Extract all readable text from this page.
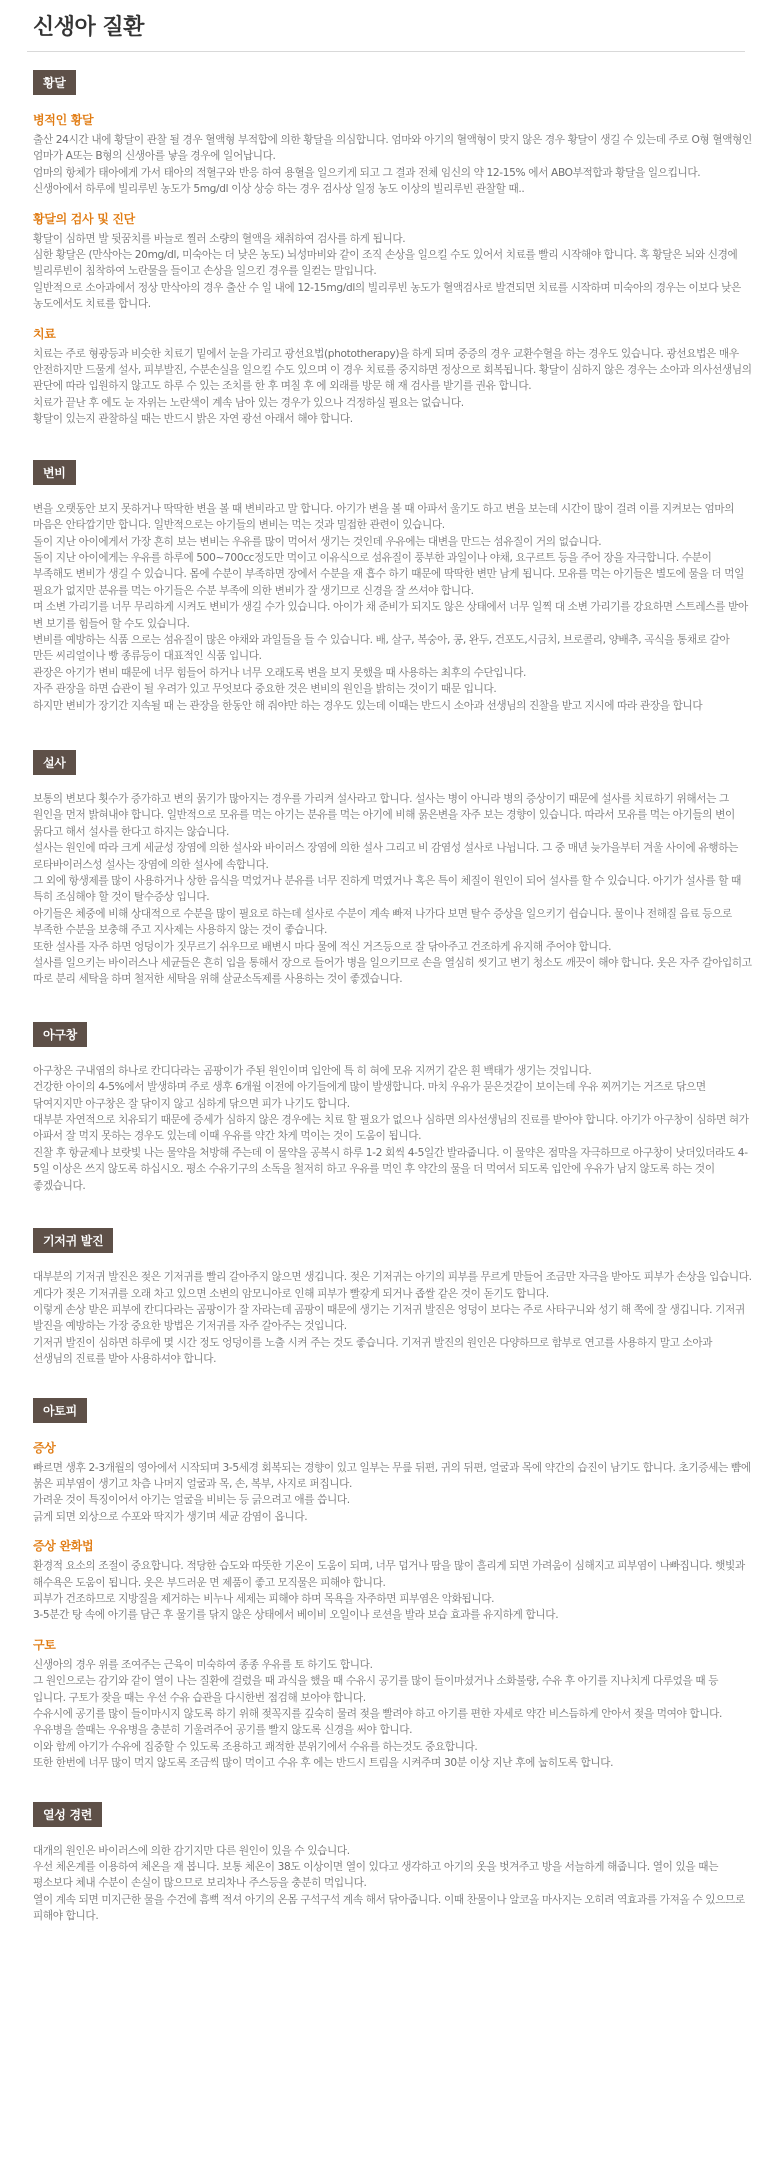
신생아 질환
황달
병적인 황달

출산 24시간 내에 황달이 관찰 될 경우 혈액형 부적합에 의한 황달을 의심합니다. 엄마와 아기의 혈액형이 맞지 않은 경우 황달이 생길 수 있는데 주로 O형 혈액형인 엄마가 A또는 B형의 신생아를 낳을 경우에 일어납니다.

엄마의 항체가 태아에게 가서 태아의 적혈구와 반응 하여 용혈을 일으키게 되고 그 결과 전체 임신의 약 12-15% 에서 ABO부적합과 황달을 일으킵니다.

신생아에서 하루에 빌리루빈 농도가 5mg/dl 이상 상승 하는 경우 검사상 일정 농도 이상의 빌리루빈 관찰할 때..

황달의 검사 및 진단

황달이 심하면 발 뒷꿈치를 바늘로 찔러 소량의 혈액을 채취하여 검사를 하게 됩니다.

심한 황달은 (만삭아는 20mg/dl, 미숙아는 더 낮은 농도) 뇌성마비와 같이 조직 손상을 일으킬 수도 있어서 치료를 빨리 시작해야 합니다. 혹 황달은 뇌와 신경에 빌리루빈이 침착하여 노란물을 들이고 손상을 일으킨 경우를 일컫는 말입니다.

일반적으로 소아과에서 정상 만삭아의 경우 출산 수 일 내에 12-15mg/dl의 빌리루빈 농도가 혈액검사로 발견되면 치료를 시작하며 미숙아의 경우는 이보다 낮은 농도에서도 치료를 합니다.

치료

치료는 주로 형광등과 비슷한 치료기 밑에서 눈을 가리고 광선요법(phototherapy)을 하게 되며 중증의 경우 교환수혈을 하는 경우도 있습니다. 광선요법은 매우 안전하지만 드물게 설사, 피부발진, 수분손실을 일으킬 수도 있으며 이 경우 치료를 중지하면 정상으로 회복됩니다. 황달이 심하지 않은 경우는 소아과 의사선생님의 판단에 따라 입원하지 않고도 하루 수 있는 조치를 한 후 며칠 후 에 외래를 방문 해 재 검사를 받기를 권유 합니다.

치료가 끝난 후 에도 눈 자위는 노란색이 계속 남아 있는 경우가 있으나 걱정하실 필요는 없습니다.

황달이 있는지 관찰하실 때는 반드시 밝은 자연 광선 아래서 해야 합니다.

변비

변을 오랫동안 보지 못하거나 딱딱한 변을 볼 때 변비라고 말 합니다. 아기가 변을 볼 때 아파서 울기도 하고 변을 보는데 시간이 많이 걸려 이를 지켜보는 엄마의 마음은 안타깝기만 합니다. 일반적으로는 아기들의 변비는 먹는 것과 밀접한 관련이 있습니다.

돌이 지난 아이에게서 가장 흔히 보는 변비는 우유를 많이 먹어서 생기는 것인데 우유에는 대변을 만드는 섬유질이 거의 없습니다.

돌이 지난 아이에게는 우유를 하루에 500~700cc정도만 먹이고 이유식으로 섬유질이 풍부한 과일이나 야채, 요구르트 등을 주어 장을 자극합니다. 수분이 부족해도 변비가 생길 수 있습니다. 몸에 수분이 부족하면 장에서 수분을 재 흡수 하기 때문에 딱딱한 변만 남게 됩니다. 모유를 먹는 아기들은 별도에 물을 더 먹일 필요가 없지만 분유를 먹는 아기들은 수분 부족에 의한 변비가 잘 생기므로 신경을 잘 쓰셔야 합니다.

며 소변 가리기를 너무 무리하게 시켜도 변비가 생길 수가 있습니다. 아이가 채 준비가 되지도 않은 상태에서 너무 일찍 대 소변 가리기를 강요하면 스트레스를 받아 변 보기를 힘들어 할 수도 있습니다.

변비를 예방하는 식품 으로는 섬유질이 많은 야채와 과일들을 들 수 있습니다. 배, 살구, 복숭아, 콩, 완두, 건포도,시금치, 브로콜리, 양배추, 곡식을 통채로 갈아 만든 씨리얼이나 빵 종류등이 대표적인 식품 입니다.

관장은 아기가 변비 때문에 너무 힘들어 하거나 너무 오래도록 변을 보지 못했을 때 사용하는 최후의 수단입니다.

자주 관장을 하면 습관이 될 우려가 있고 무엇보다 중요한 것은 변비의 원인을 밝히는 것이기 때문 입니다.

하지만 변비가 장기간 지속될 때 는 관장을 한동안 해 줘야만 하는 경우도 있는데 이때는 반드시 소아과 선생님의 진찰을 받고 지시에 따라 관장을 합니다

설사

보통의 변보다 횟수가 증가하고 변의 묽기가 많아지는 경우를 가리켜 설사라고 합니다. 설사는 병이 아니라 병의 증상이기 때문에 설사를 치료하기 위해서는 그 원인을 먼저 밝혀내야 합니다. 일반적으로 모유를 먹는 아기는 분유를 먹는 아기에 비해 묽은변을 자주 보는 경향이 있습니다. 따라서 모유를 먹는 아기들의 변이 묽다고 해서 설사를 한다고 하지는 않습니다.

설사는 원인에 따라 크게 세균성 장염에 의한 설사와 바이러스 장염에 의한 설사 그리고 비 감염성 설사로 나뉩니다. 그 중 매년 늦가을부터 겨울 사이에 유행하는 로타바이러스성 설사는 장염에 의한 설사에 속합니다.

그 외에 항생제를 많이 사용하거나 상한 음식을 먹었거나 분유를 너무 진하게 먹였거나 혹은 특이 체질이 원인이 되어 설사를 할 수 있습니다. 아기가 설사를 할 때 특히 조심해야 할 것이 탈수증상 입니다.

아기들은 체중에 비해 상대적으로 수분을 많이 필요로 하는데 설사로 수분이 계속 빠져 나가다 보면 탈수 증상을 일으키기 쉽습니다. 물이나 전해질 음료 등으로 부족한 수분을 보충해 주고 지사제는 사용하지 않는 것이 좋습니다.

또한 설사를 자주 하면 엉덩이가 짓무르기 쉬우므로 배변시 마다 물에 적신 거즈등으로 잘 닦아주고 건조하게 유지해 주어야 합니다.

설사를 일으키는 바이러스나 세균들은 흔히 입을 통해서 장으로 들어가 병을 일으키므로 손을 열심히 씻기고 변기 청소도 깨끗이 해야 합니다. 옷은 자주 갈아입히고 따로 분리 세탁을 하며 철저한 세탁을 위해 살균소독제를 사용하는 것이 좋겠습니다.

아구창

아구창은 구내염의 하나로 칸디다라는 곰팡이가 주된 원인이며 입안에 특 히 혀에 모유 지꺼기 같은 흰 백태가 생기는 것입니다.

건강한 아이의 4-5%에서 발생하며 주로 생후 6개월 이전에 아기들에게 많이 발생합니다. 마치 우유가 묻은것같이 보이는데 우유 찌꺼기는 거즈로 닦으면 닦여지지만 아구창은 잘 닦이지 않고 심하게 닦으면 피가 나기도 합니다.

대부분 자연적으로 치유되기 때문에 증세가 심하지 않은 경우에는 치료 할 필요가 없으나 심하면 의사선생님의 진료를 받아야 합니다. 아기가 아구창이 심하면 혀가 아파서 잘 먹지 못하는 경우도 있는데 이때 우유를 약간 차게 먹이는 것이 도움이 됩니다.

진찰 후 항균제나 보랏빛 나는 물약을 처방해 주는데 이 물약을 공복시 하루 1-2 회씩 4-5일간 발라줍니다. 이 물약은 점막을 자극하므로 아구창이 낫더있더라도 4-5일 이상은 쓰지 않도록 하십시오. 평소 수유기구의 소독을 철저히 하고 우유를 먹인 후 약간의 물을 더 먹여서 되도록 입안에 우유가 남지 않도록 하는 것이 좋겠습니다.

기저귀 발진

대부분의 기저귀 발진은 젖은 기저귀를 빨리 갈아주지 않으면 생깁니다. 젖은 기저귀는 아기의 피부를 무르게 만들어 조금만 자극을 받아도 피부가 손상을 입습니다.

게다가 젖은 기저귀를 오래 차고 있으면 소변의 암모니아로 인해 피부가 빨갛게 되거나 좁쌀 같은 것이 돋기도 합니다.

이렇게 손상 받은 피부에 칸디다라는 곰팡이가 잘 자라는데 곰팡이 때문에 생기는 기저귀 발진은 엉덩이 보다는 주로 사타구니와 성기 해 쪽에 잘 생깁니다. 기저귀 발진을 예방하는 가장 중요한 방법은 기저귀를 자주 갈아주는 것입니다.

기저귀 발진이 심하면 하루에 몇 시간 정도 엉덩이를 노출 시켜 주는 것도 좋습니다. 기저귀 발진의 원인은 다양하므로 함부로 연고를 사용하지 말고 소아과 선생님의 진료를 받아 사용하셔야 합니다.

아토피
증상

빠르면 생후 2-3개월의 영아에서 시작되며 3-5세경 회복되는 경향이 있고 일부는 무릎 뒤편, 귀의 뒤편, 얼굴과 목에 약간의 습진이 남기도 합니다. 초기증세는 뺨에 붉은 피부염이 생기고 차츰 나머지 얼굴과 목, 손, 복부, 사지로 퍼집니다.

가려운 것이 특징이어서 아기는 얼굴을 비비는 등 긁으려고 애를 씁니다.

긁게 되면 외상으로 수포와 딱지가 생기며 세균 감염이 옵니다.

증상 완화법

환경적 요소의 조절이 중요합니다. 적당한 습도와 따뜻한 기온이 도움이 되며, 너무 덥거나 땀을 많이 흘리게 되면 가려움이 심해지고 피부염이 나빠집니다. 햇빛과 해수욕은 도움이 됩니다. 옷은 부드러운 면 제품이 좋고 모직물은 피해야 합니다.

피부가 건조하므로 지방질을 제거하는 비누나 세제는 피해야 하며 목욕을 자주하면 피부염은 악화됩니다.

3-5분간 탕 속에 아기를 담근 후 물기를 닦지 않은 상태에서 베이비 오일이나 로션을 발라 보습 효과를 유지하게 합니다.

구토

신생아의 경우 위를 조여주는 근육이 미숙하여 종종 우유를 토 하기도 합니다.

그 원인으로는 감기와 같이 열이 나는 질환에 걸렸을 때 과식을 했을 때 수유시 공기를 많이 들이마셨거나 소화불량, 수유 후 아기를 지나치게 다루었을 때 등 입니다. 구토가 잦을 때는 우선 수유 습관을 다시한번 점검해 보아야 합니다.

수유시에 공기를 많이 들이마시지 않도록 하기 위해 젖꼭지를 깊숙히 물려 젖을 빨려야 하고 아기를 편한 자세로 약간 비스듬하게 안아서 젖을 먹여야 합니다. 우유병을 쓸때는 우유병을 충분히 기울려주어 공기를 빨지 않도록 신경을 써야 합니다.

이와 함께 아기가 수유에 집중할 수 있도록 조용하고 쾌적한 분위기에서 수유를 하는것도 중요합니다.

또한 한번에 너무 많이 먹지 않도록 조금씩 많이 먹이고 수유 후 에는 반드시 트림을 시켜주며 30분 이상 지난 후에 눕히도록 합니다.

열성 경련

대개의 원인은 바이러스에 의한 감기지만 다른 원인이 있을 수 있습니다.

우선 체온계를 이용하여 체온을 재 봅니다. 보통 체온이 38도 이상이면 열이 있다고 생각하고 아기의 옷을 벗겨주고 방을 서늘하게 해줍니다. 열이 있을 때는 평소보다 체내 수분이 손실이 많으므로 보리차나 주스등을 충분히 먹입니다.

열이 계속 되면 미지근한 물을 수건에 흠뻑 적셔 아기의 온몸 구석구석 계속 해서 닦아줍니다. 이때 찬물이나 알코올 마사지는 오히려 역효과를 가져올 수 있으므로 피해야 합니다.
